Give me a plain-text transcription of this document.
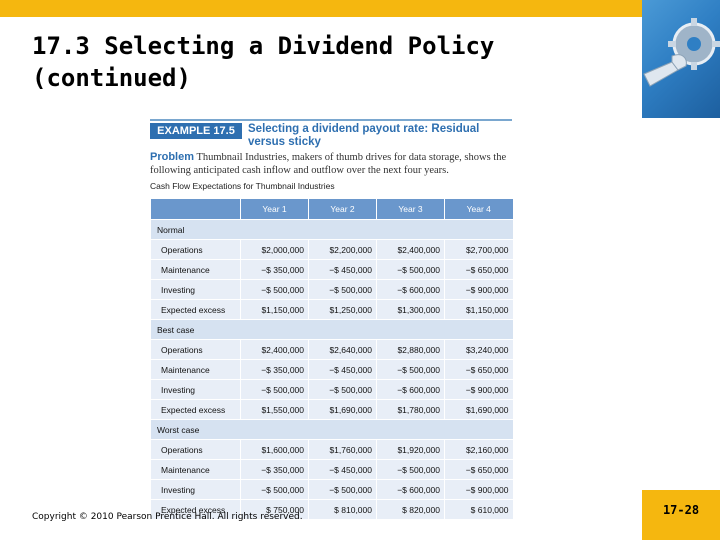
17.3 Selecting a Dividend Policy
(continued)
EXAMPLE 17.5	Selecting a dividend payout rate: Residual versus sticky
Problem Thumbnail Industries, makers of thumb drives for data storage, shows the following anticipated cash inflow and outflow over the next four years.
Cash Flow Expectations for Thumbnail Industries
	Year 1	Year 2	Year 3	Year 4
Normal				
Operations	$2,000,000	$2,200,000	$2,400,000	$2,700,000
Maintenance	−$ 350,000	−$ 450,000	−$ 500,000	−$ 650,000
Investing	−$ 500,000	−$ 500,000	−$ 600,000	−$ 900,000
Expected excess	$1,150,000	$1,250,000	$1,300,000	$1,150,000
Best case				
Operations	$2,400,000	$2,640,000	$2,880,000	$3,240,000
Maintenance	−$ 350,000	−$ 450,000	−$ 500,000	−$ 650,000
Investing	−$ 500,000	−$ 500,000	−$ 600,000	−$ 900,000
Expected excess	$1,550,000	$1,690,000	$1,780,000	$1,690,000
Worst case				
Operations	$1,600,000	$1,760,000	$1,920,000	$2,160,000
Maintenance	−$ 350,000	−$ 450,000	−$ 500,000	−$ 650,000
Investing	−$ 500,000	−$ 500,000	−$ 600,000	−$ 900,000
Expected excess	$ 750,000	$ 810,000	$ 820,000	$ 610,000
Copyright © 2010 Pearson Prentice Hall. All rights reserved.	17-28
